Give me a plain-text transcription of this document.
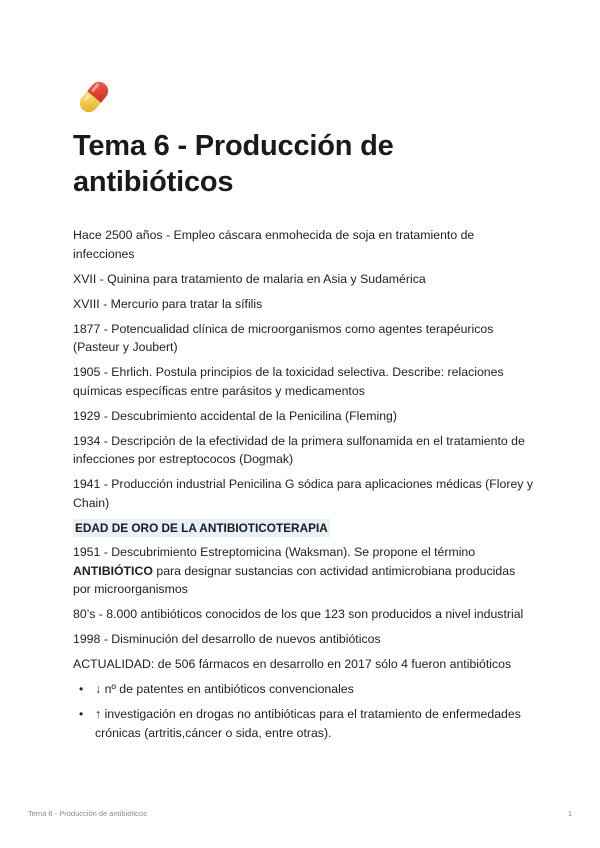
Tema 6 - Producción de antibióticos

Hace 2500 años - Empleo cáscara enmohecida de soja en tratamiento de infecciones

XVII - Quinina para tratamiento de malaria en Asia y Sudamérica

XVIII - Mercurio para tratar la sífilis

1877 - Potencualidad clínica de microorganismos como agentes terapéuricos (Pasteur y Joubert)

1905 - Ehrlich. Postula principios de la toxicidad selectiva. Describe: relaciones químicas específicas entre parásitos y medicamentos

1929 - Descubrimiento accidental de la Penicilina (Fleming)

1934 - Descripción de la efectividad de la primera sulfonamida en el tratamiento de infecciones por estreptococos (Dogmak)

1941 - Producción industrial Penicilina G sódica para aplicaciones médicas (Florey y Chain)

EDAD DE ORO DE LA ANTIBIOTICOTERAPIA

1951 - Descubrimiento Estreptomicina (Waksman). Se propone el término ANTIBIÓTICO para designar sustancias con actividad antimicrobiana producidas por microorganismos

80’s - 8.000 antibióticos conocidos de los que 123 son producidos a nivel industrial

1998 - Disminución del desarrollo de nuevos antibióticos

ACTUALIDAD: de 506 fármacos en desarrollo en 2017 sólo 4 fueron antibióticos

• ↓ nº de patentes en antibióticos convencionales
• ↑ investigación en drogas no antibióticas para el tratamiento de enfermedades crónicas (artritis,cáncer o sida, entre otras).
Tema 6 - Producción de antibióticos	1
